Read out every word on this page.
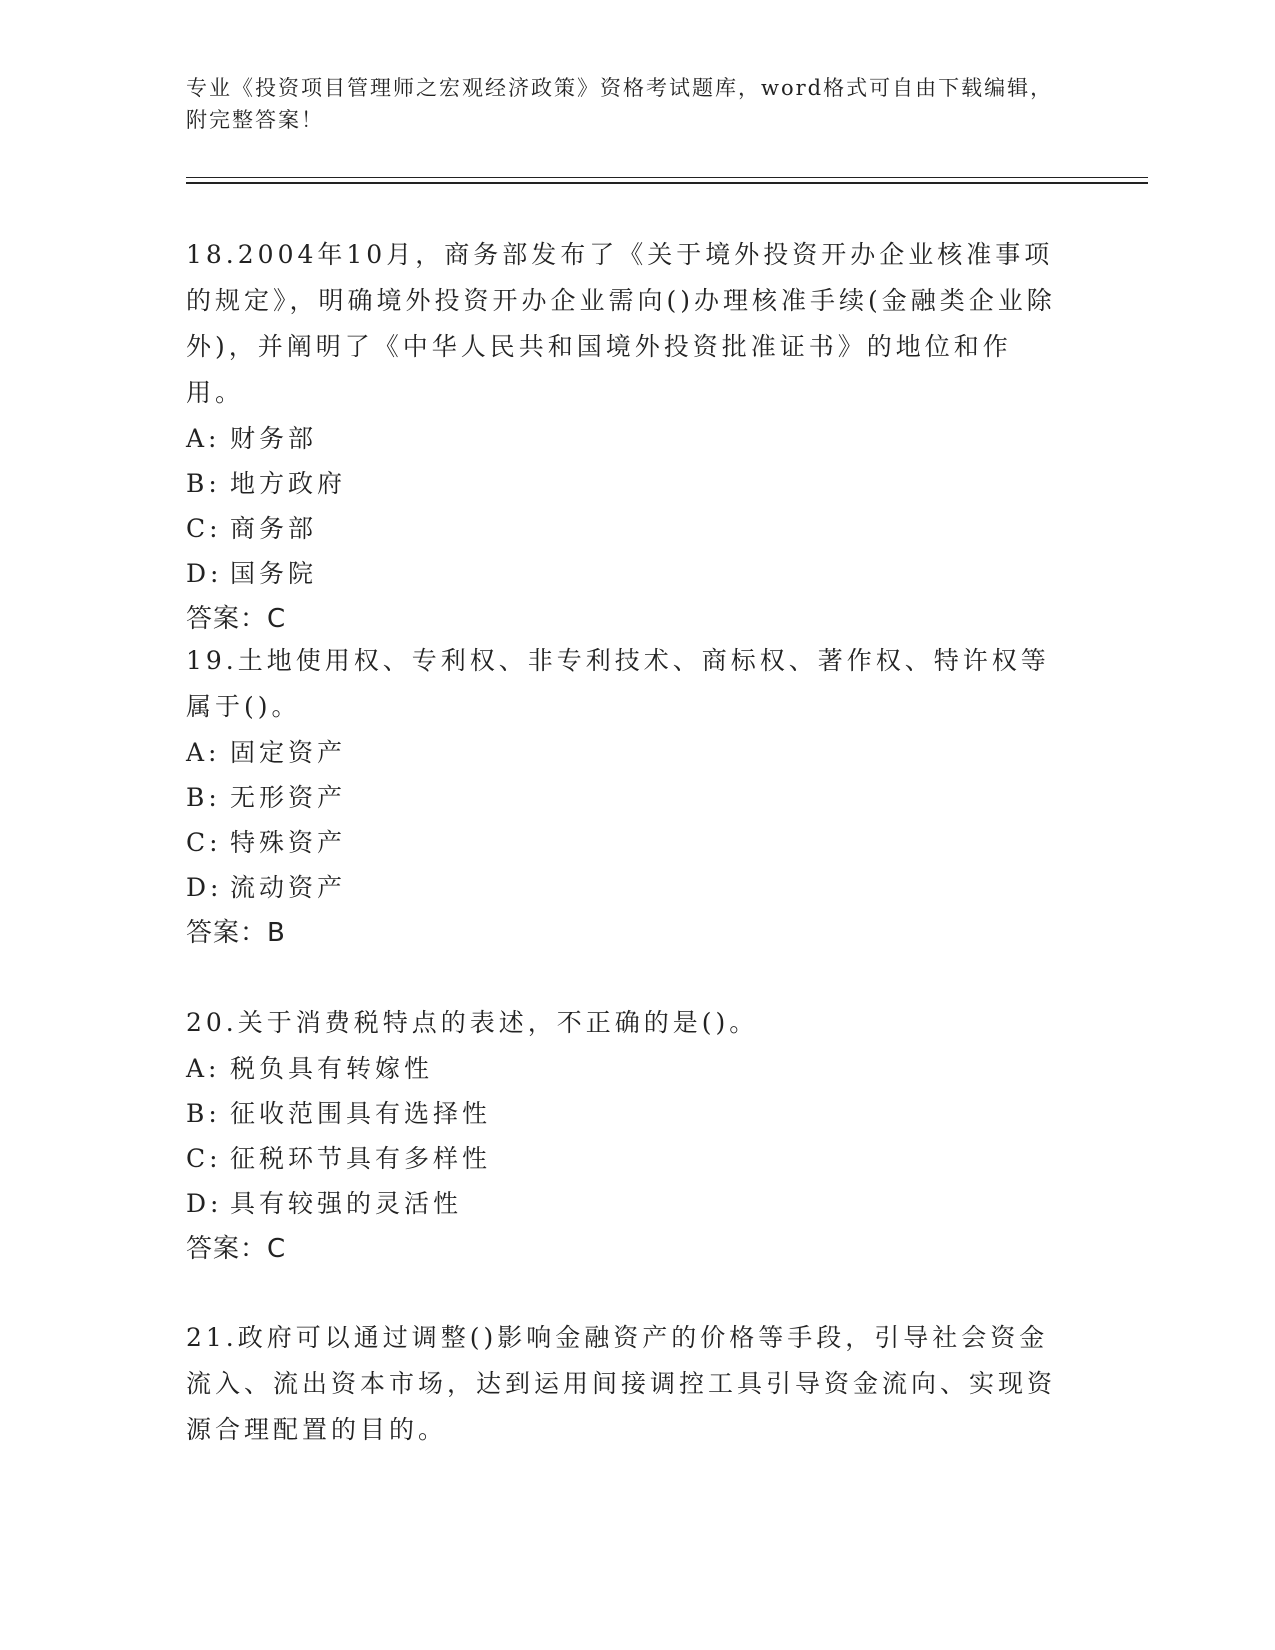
专业《投资项目管理师之宏观经济政策》资格考试题库，word格式可自由下载编辑，附完整答案！

18.2004年10月，商务部发布了《关于境外投资开办企业核准事项的规定》，明确境外投资开办企业需向()办理核准手续(金融类企业除外)，并阐明了《中华人民共和国境外投资批准证书》的地位和作用。

A: 财务部

B: 地方政府

C: 商务部

D: 国务院

答案：C

19.土地使用权、专利权、非专利技术、商标权、著作权、特许权等属于()。

A: 固定资产

B: 无形资产

C: 特殊资产

D: 流动资产

答案：B

20.关于消费税特点的表述，不正确的是()。

A: 税负具有转嫁性

B: 征收范围具有选择性

C: 征税环节具有多样性

D: 具有较强的灵活性

答案：C

21.政府可以通过调整()影响金融资产的价格等手段，引导社会资金流入、流出资本市场，达到运用间接调控工具引导资金流向、实现资源合理配置的目的。
